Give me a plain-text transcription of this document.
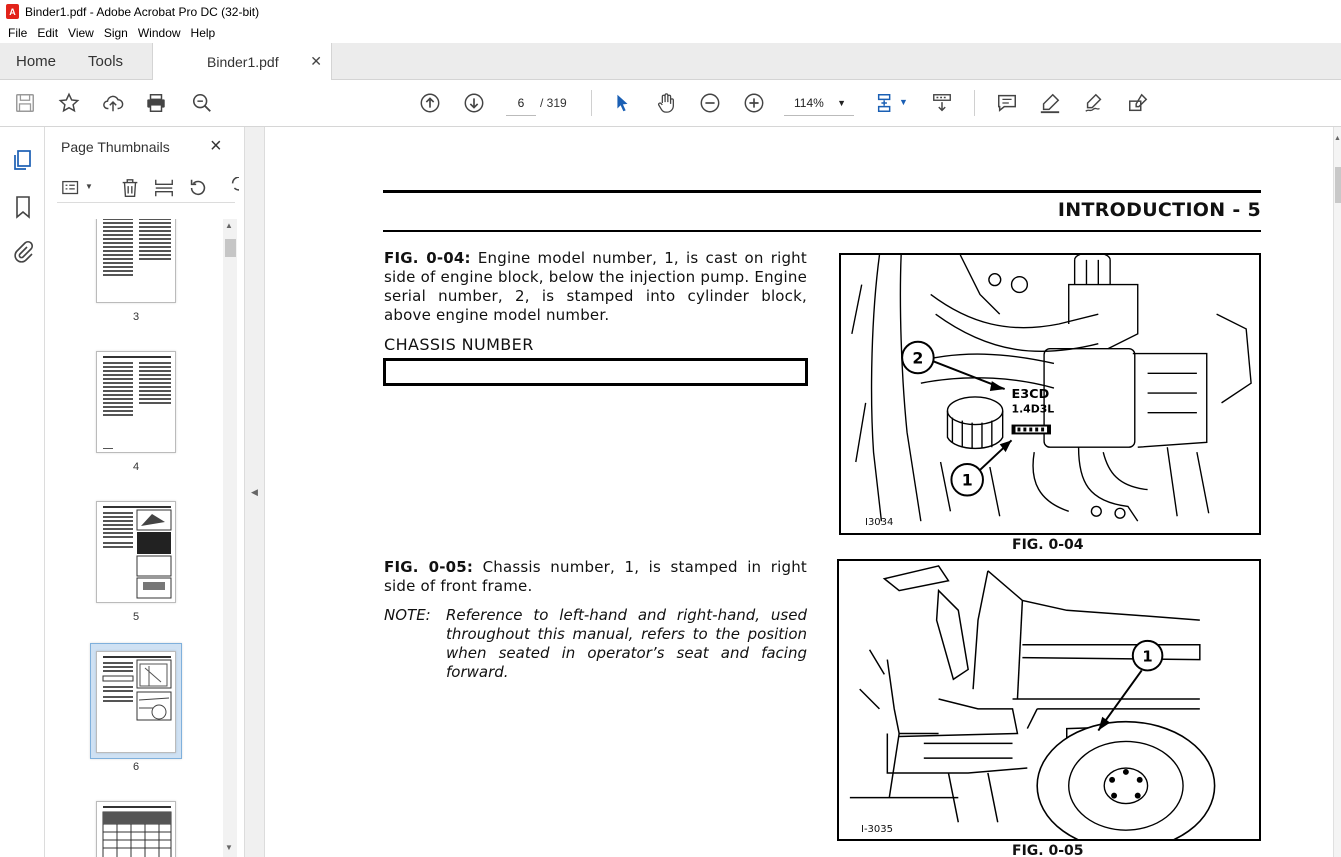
A Binder1.pdf - Adobe Acrobat Pro DC (32-bit)
File Edit View Sign Window Help
Home	Tools	Binder1.pdf ✕
6	/ 319	114% ▼	▼
Page Thumbnails ×
▼
3
4
5
6
▲
▼
◀
INTRODUCTION - 5
FIG. 0-04: Engine model number, 1, is cast on right side of engine block, below the injection pump. Engine serial number, 2, is stamped into cylinder block, above engine model number.
CHASSIS NUMBER
FIG. 0-05: Chassis number, 1, is stamped in right side of front frame.
NOTE: Reference to left-hand and right-hand, used throughout this manual, refers to the position when seated in operator’s seat and facing forward.
E3CD
1.4D3L
2
1
I3034
FIG. 0-04
1
I-3035
FIG. 0-05
▲
